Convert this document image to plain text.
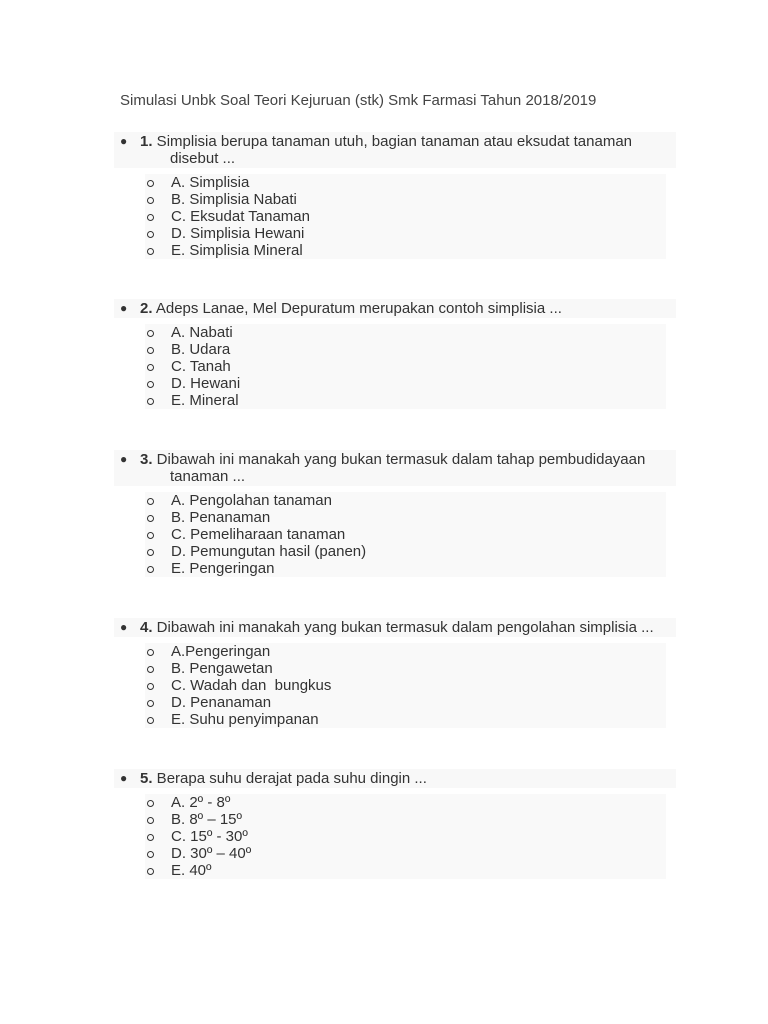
Simulasi Unbk Soal Teori Kejuruan (stk) Smk Farmasi Tahun 2018/2019
● 1. Simplisia berupa tanaman utuh, bagian tanaman atau eksudat tanaman
disebut ...
A. Simplisia
B. Simplisia Nabati
C. Eksudat Tanaman
D. Simplisia Hewani
E. Simplisia Mineral
● 2. Adeps Lanae, Mel Depuratum merupakan contoh simplisia ...
A. Nabati
B. Udara
C. Tanah
D. Hewani
E. Mineral
● 3. Dibawah ini manakah yang bukan termasuk dalam tahap pembudidayaan
tanaman ...
A. Pengolahan tanaman
B. Penanaman
C. Pemeliharaan tanaman
D. Pemungutan hasil (panen)
E. Pengeringan
● 4. Dibawah ini manakah yang bukan termasuk dalam pengolahan simplisia ...
A.Pengeringan
B. Pengawetan
C. Wadah dan  bungkus
D. Penanaman
E. Suhu penyimpanan
● 5. Berapa suhu derajat pada suhu dingin ...
A. 2º - 8º
B. 8º – 15º
C. 15º - 30º
D. 30º – 40º
E. 40º
